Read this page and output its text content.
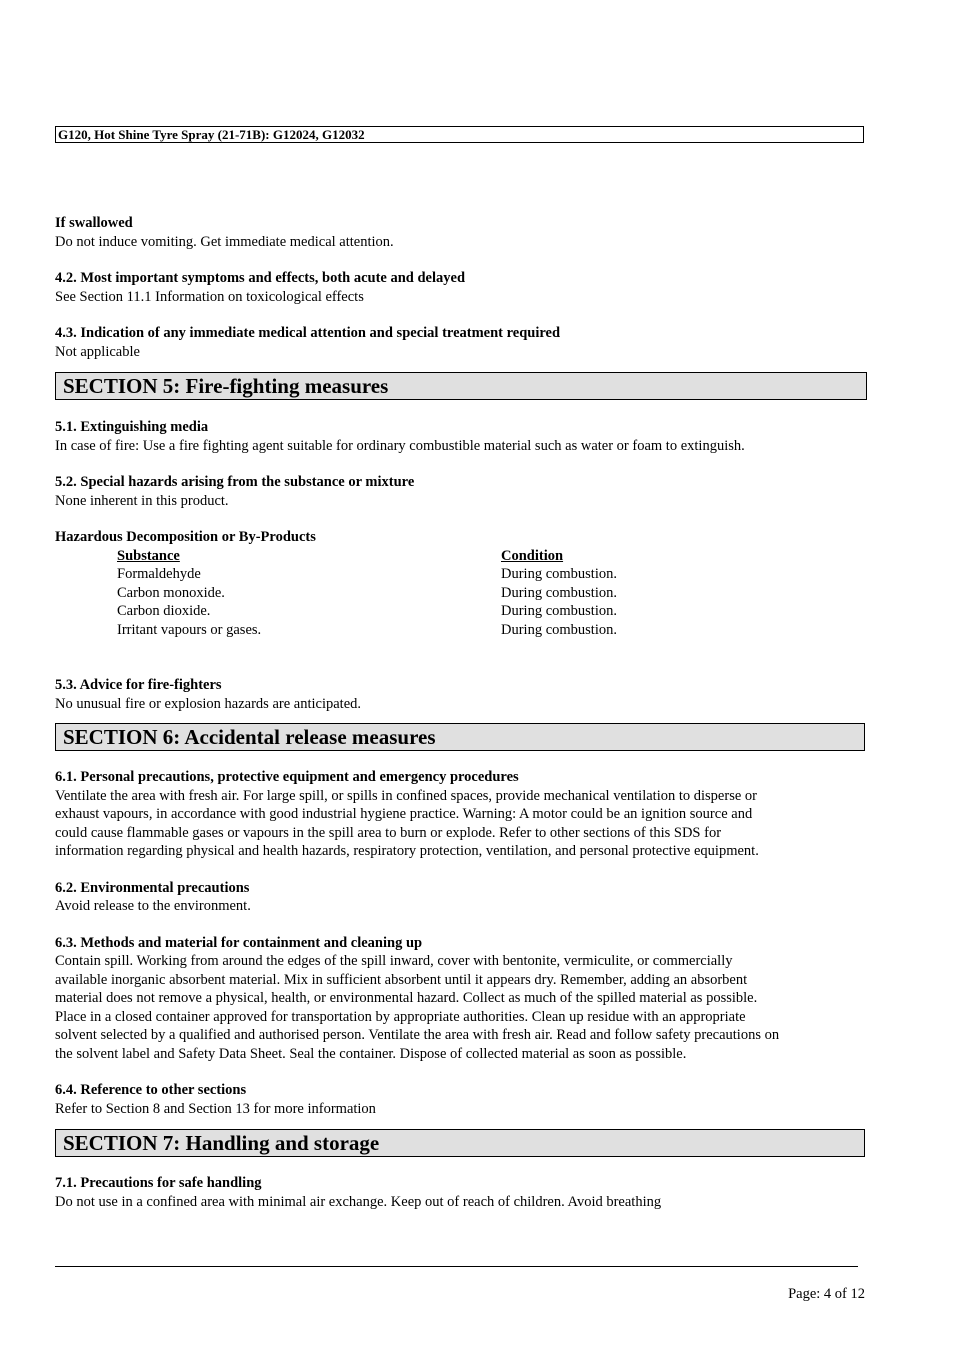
G120, Hot Shine Tyre Spray (21-71B): G12024, G12032
If swallowed
Do not induce vomiting. Get immediate medical attention.
4.2. Most important symptoms and effects, both acute and delayed
See Section 11.1 Information on toxicological effects
4.3. Indication of any immediate medical attention and special treatment required
Not applicable
SECTION 5: Fire-fighting measures
5.1. Extinguishing media
In case of fire: Use a fire fighting agent suitable for ordinary combustible material such as water or foam to extinguish.
5.2. Special hazards arising from the substance or mixture
None inherent in this product.
Hazardous Decomposition or By-Products
Substance	Condition
Formaldehyde	During combustion.
Carbon monoxide.	During combustion.
Carbon dioxide.	During combustion.
Irritant vapours or gases.	During combustion.
5.3. Advice for fire-fighters
No unusual fire or explosion hazards are anticipated.
SECTION 6: Accidental release measures
6.1. Personal precautions, protective equipment and emergency procedures
Ventilate the area with fresh air. For large spill, or spills in confined spaces, provide mechanical ventilation to disperse or
exhaust vapours, in accordance with good industrial hygiene practice. Warning: A motor could be an ignition source and
could cause flammable gases or vapours in the spill area to burn or explode. Refer to other sections of this SDS for
information regarding physical and health hazards, respiratory protection, ventilation, and personal protective equipment.
6.2. Environmental precautions
Avoid release to the environment.
6.3. Methods and material for containment and cleaning up
Contain spill. Working from around the edges of the spill inward, cover with bentonite, vermiculite, or commercially
available inorganic absorbent material. Mix in sufficient absorbent until it appears dry. Remember, adding an absorbent
material does not remove a physical, health, or environmental hazard. Collect as much of the spilled material as possible.
Place in a closed container approved for transportation by appropriate authorities. Clean up residue with an appropriate
solvent selected by a qualified and authorised person. Ventilate the area with fresh air. Read and follow safety precautions on
the solvent label and Safety Data Sheet. Seal the container. Dispose of collected material as soon as possible.
6.4. Reference to other sections
Refer to Section 8 and Section 13 for more information
SECTION 7: Handling and storage
7.1. Precautions for safe handling
Do not use in a confined area with minimal air exchange. Keep out of reach of children. Avoid breathing
Page: 4 of 12
